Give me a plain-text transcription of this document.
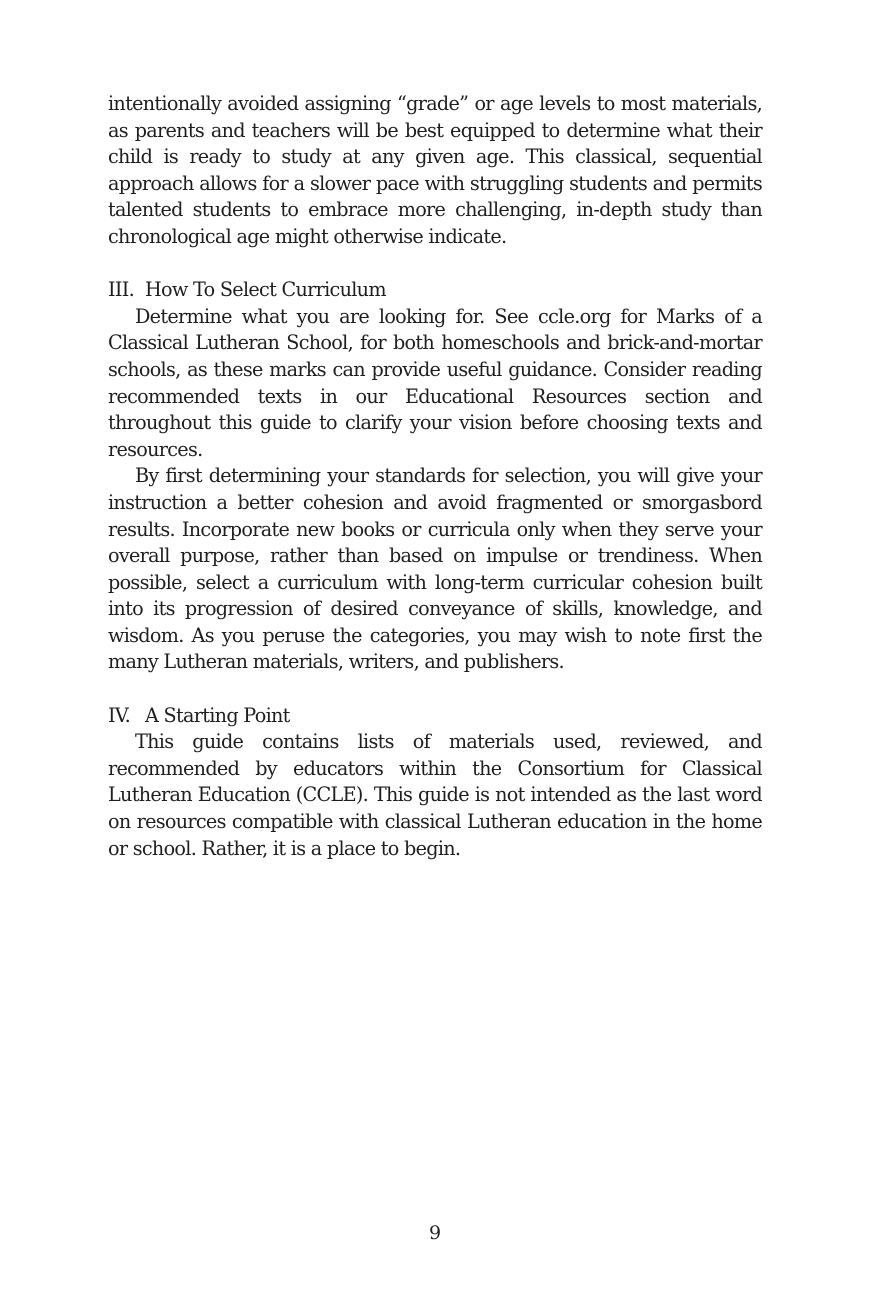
intentionally avoided assigning “grade” or age levels to most materials, as parents and teachers will be best equipped to determine what their child is ready to study at any given age. This classical, sequential approach allows for a slower pace with struggling students and permits talented students to embrace more challenging, in-depth study than chronological age might otherwise indicate.

III. How To Select Curriculum

Determine what you are looking for. See ccle.org for Marks of a Classical Lutheran School, for both homeschools and brick-and-mortar schools, as these marks can provide useful guidance. Consider reading recommended texts in our Educational Resources section and throughout this guide to clarify your vision before choosing texts and resources.

By first determining your standards for selection, you will give your instruction a better cohesion and avoid fragmented or smorgasbord results. Incorporate new books or curricula only when they serve your overall purpose, rather than based on impulse or trendiness. When possible, select a curriculum with long-term curricular cohesion built into its progression of desired conveyance of skills, knowledge, and wisdom. As you peruse the categories, you may wish to note first the many Lutheran materials, writers, and publishers.

IV. A Starting Point

This guide contains lists of materials used, reviewed, and recommended by educators within the Consortium for Classical Lutheran Education (CCLE). This guide is not intended as the last word on resources compatible with classical Lutheran education in the home or school. Rather, it is a place to begin.

9
